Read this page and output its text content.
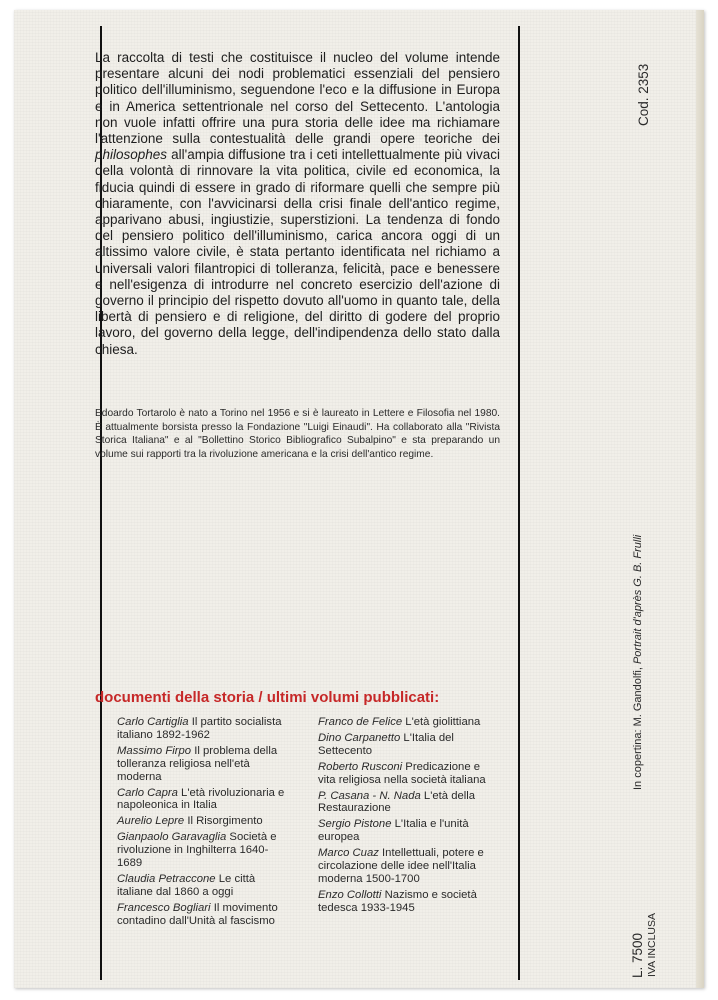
La raccolta di testi che costituisce il nucleo del volume intende presentare alcuni dei nodi problematici essenziali del pensiero politico dell'illuminismo, seguendone l'eco e la diffusione in Europa e in America settentrionale nel corso del Settecento. L'antologia non vuole infatti offrire una pura storia delle idee ma richiamare l'attenzione sulla contestualità delle grandi opere teoriche dei philosophes all'ampia diffusione tra i ceti intellettualmente più vivaci della volontà di rinnovare la vita politica, civile ed economica, la fiducia quindi di essere in grado di riformare quelli che sempre più chiaramente, con l'avvicinarsi della crisi finale dell'antico regime, apparivano abusi, ingiustizie, superstizioni. La tendenza di fondo del pensiero politico dell'illuminismo, carica ancora oggi di un altissimo valore civile, è stata pertanto identificata nel richiamo a universali valori filantropici di tolleranza, felicità, pace e benessere e nell'esigenza di introdurre nel concreto esercizio dell'azione di governo il principio del rispetto dovuto all'uomo in quanto tale, della libertà di pensiero e di religione, del diritto di godere del proprio lavoro, del governo della legge, dell'indipendenza dello stato dalla chiesa.

Edoardo Tortarolo è nato a Torino nel 1956 e si è laureato in Lettere e Filosofia nel 1980. È attualmente borsista presso la Fondazione "Luigi Einaudi". Ha collaborato alla "Rivista Storica Italiana" e al "Bollettino Storico Bibliografico Subalpino" e sta preparando un volume sui rapporti tra la rivoluzione americana e la crisi dell'antico regime.
documenti della storia / ultimi volumi pubblicati:
Carlo Cartiglia Il partito socialista italiano 1892-1962
Massimo Firpo Il problema della tolleranza religiosa nell'età moderna
Carlo Capra L'età rivoluzionaria e napoleonica in Italia
Aurelio Lepre Il Risorgimento
Gianpaolo Garavaglia Società e rivoluzione in Inghilterra 1640-1689
Claudia Petraccone Le città italiane dal 1860 a oggi
Francesco Bogliari Il movimento contadino dall'Unità al fascismo
Franco de Felice L'età giolittiana
Dino Carpanetto L'Italia del Settecento
Roberto Rusconi Predicazione e vita religiosa nella società italiana
P. Casana - N. Nada L'età della Restaurazione
Sergio Pistone L'Italia e l'unità europea
Marco Cuaz Intellettuali, potere e circolazione delle idee nell'Italia moderna 1500-1700
Enzo Collotti Nazismo e società tedesca 1933-1945
Cod. 2353
In copertina: M. Gandolfi, Portrait d'après G. B. Frulli
L. 7500 IVA INCLUSA
